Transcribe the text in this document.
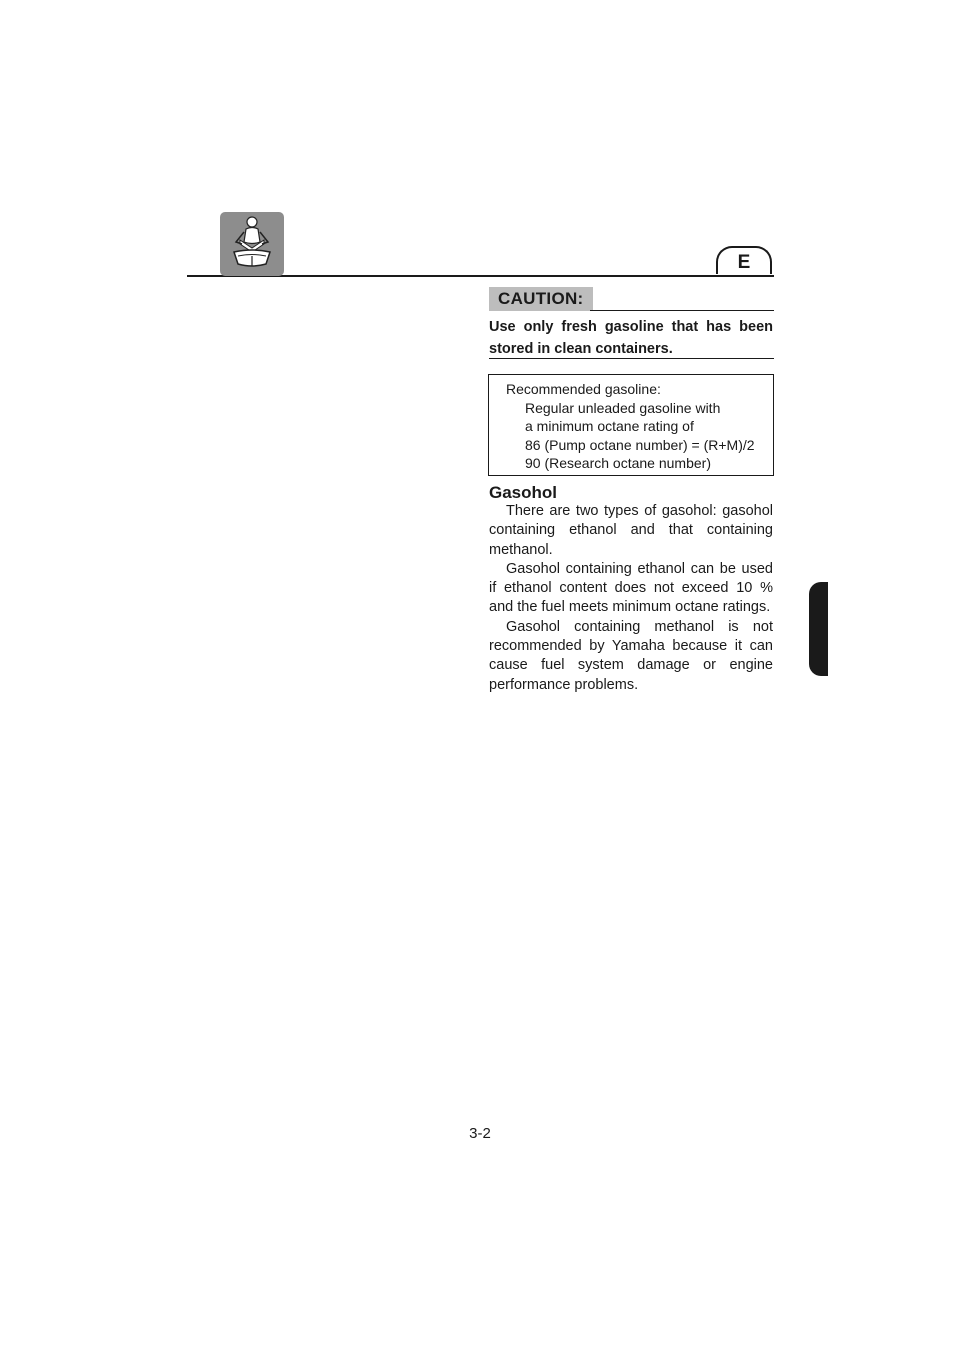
E
CAUTION:
Use only fresh gasoline that has been stored in clean containers.
Recommended gasoline:
Regular unleaded gasoline with
a minimum octane rating of
86 (Pump octane number) = (R+M)/2
90 (Research octane number)
Gasohol

There are two types of gasohol: gasohol containing ethanol and that containing methanol.

Gasohol containing ethanol can be used if ethanol content does not exceed 10 % and the fuel meets minimum octane ratings.

Gasohol containing methanol is not recommended by Yamaha because it can cause fuel system damage or engine performance problems.

3-2
